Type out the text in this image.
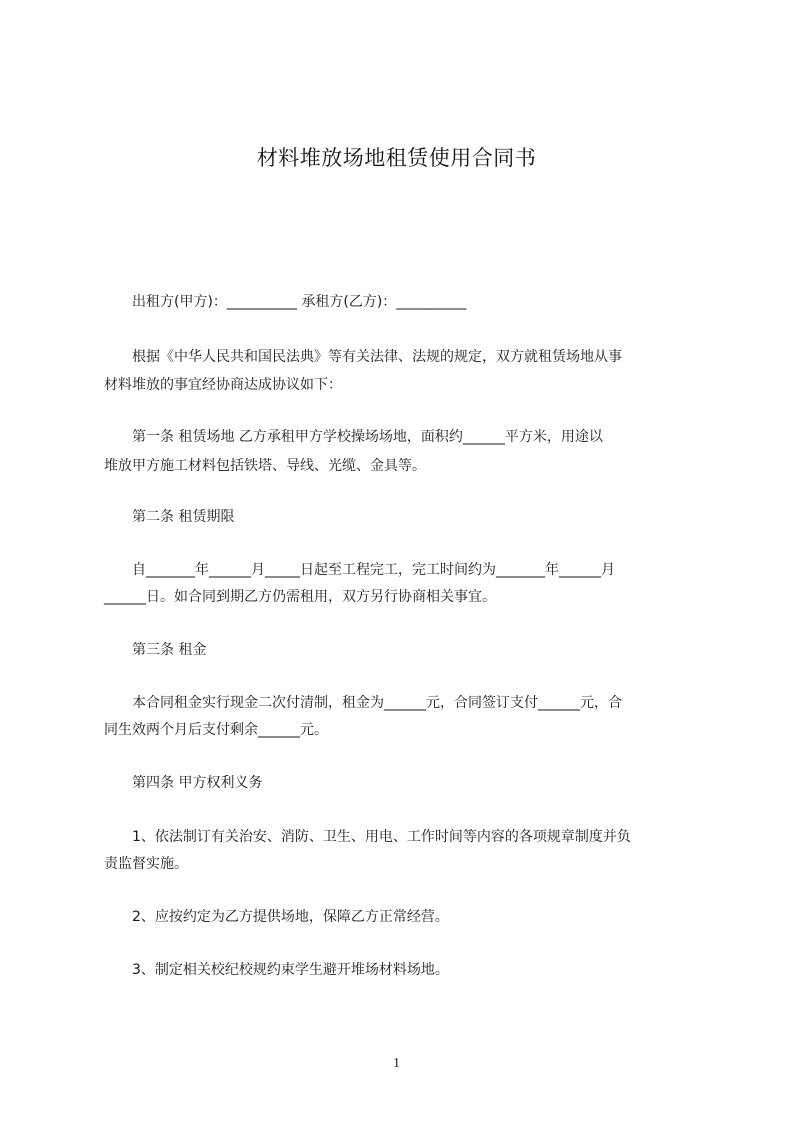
材料堆放场地租赁使用合同书
　　出租方(甲方)：__________ 承租方(乙方)：__________
　　根据《中华人民共和国民法典》等有关法律、法规的规定，双方就租赁场地从事
材料堆放的事宜经协商达成协议如下：
　　第一条 租赁场地 乙方承租甲方学校操场场地，面积约______平方米，用途以
堆放甲方施工材料包括铁塔、导线、光缆、金具等。
　　第二条 租赁期限
　　自_______年______月_____日起至工程完工，完工时间约为_______年______月
______日。如合同到期乙方仍需租用，双方另行协商相关事宜。
　　第三条 租金
　　本合同租金实行现金二次付清制，租金为______元，合同签订支付______元，合
同生效两个月后支付剩余______元。
　　第四条 甲方权利义务
　　1、依法制订有关治安、消防、卫生、用电、工作时间等内容的各项规章制度并负
责监督实施。
　　2、应按约定为乙方提供场地，保障乙方正常经营。
　　3、制定相关校纪校规约束学生避开堆场材料场地。
1
